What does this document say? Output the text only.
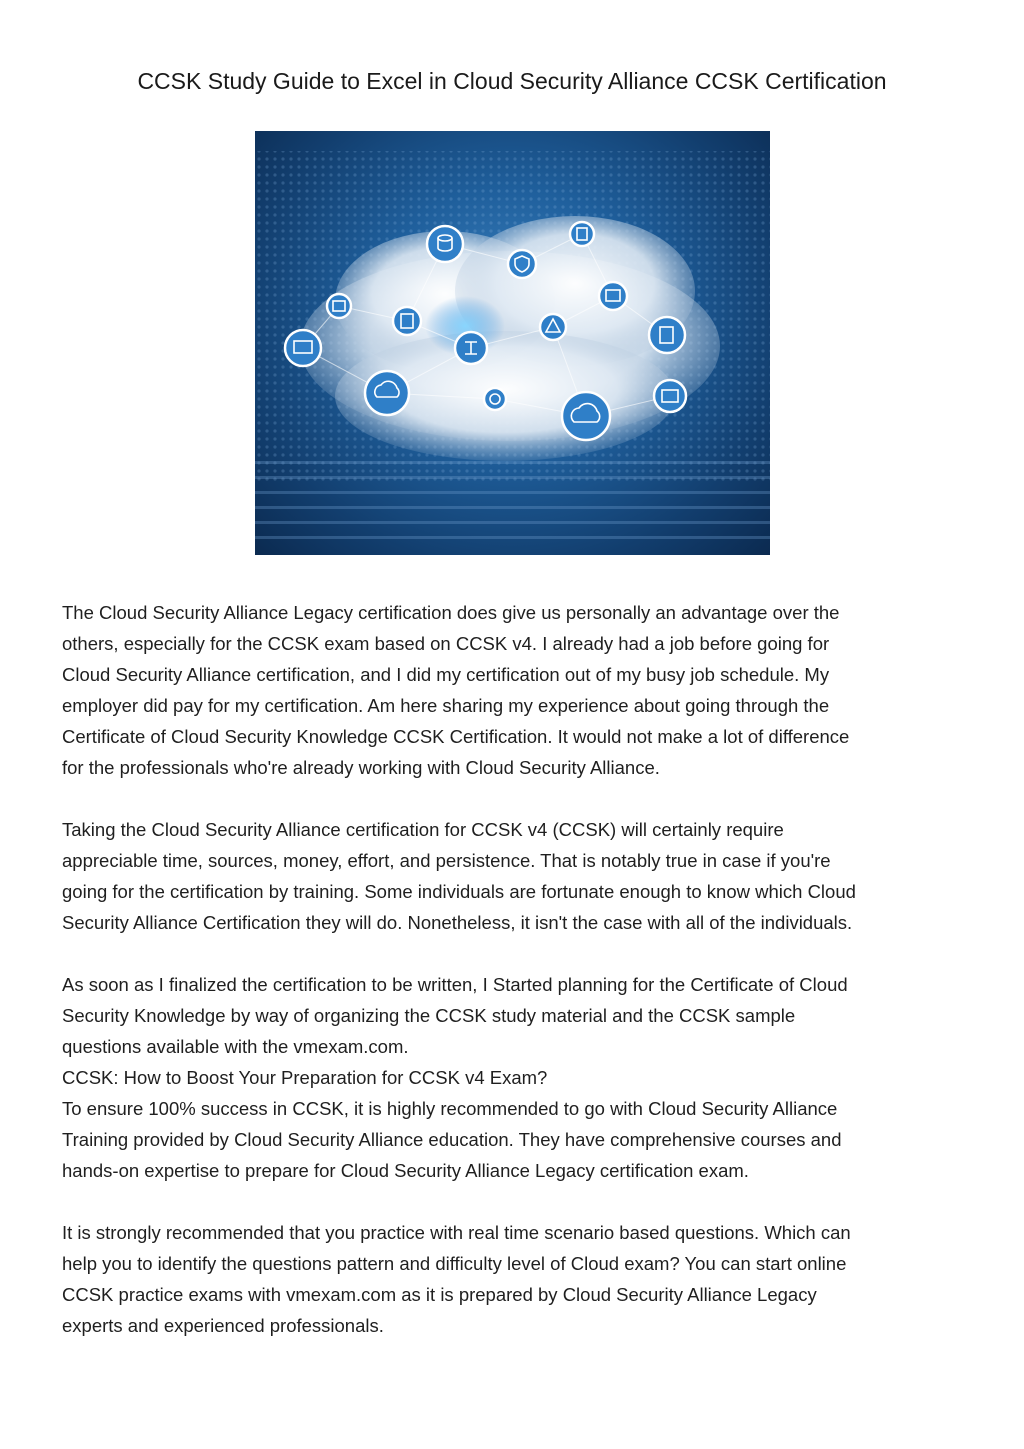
CCSK Study Guide to Excel in Cloud Security Alliance CCSK Certification

The Cloud Security Alliance Legacy certification does give us personally an advantage over the

others, especially for the CCSK exam based on CCSK v4. I already had a job before going for

Cloud Security Alliance certification, and I did my certification out of my busy job schedule. My

employer did pay for my certification. Am here sharing my experience about going through the

Certificate of Cloud Security Knowledge CCSK Certification. It would not make a lot of difference

for the professionals who're already working with Cloud Security Alliance.

Taking the Cloud Security Alliance certification for CCSK v4 (CCSK) will certainly require

appreciable time, sources, money, effort, and persistence. That is notably true in case if you're

going for the certification by training. Some individuals are fortunate enough to know which Cloud

Security Alliance Certification they will do. Nonetheless, it isn't the case with all of the individuals.

As soon as I finalized the certification to be written, I Started planning for the Certificate of Cloud

Security Knowledge by way of organizing the CCSK study material and the CCSK sample

questions available with the vmexam.com.

CCSK: How to Boost Your Preparation for CCSK v4 Exam?

To ensure 100% success in CCSK, it is highly recommended to go with Cloud Security Alliance

Training provided by Cloud Security Alliance education. They have comprehensive courses and

hands-on expertise to prepare for Cloud Security Alliance Legacy certification exam.

It is strongly recommended that you practice with real time scenario based questions. Which can

help you to identify the questions pattern and difficulty level of Cloud exam? You can start online

CCSK practice exams with vmexam.com as it is prepared by Cloud Security Alliance Legacy

experts and experienced professionals.
